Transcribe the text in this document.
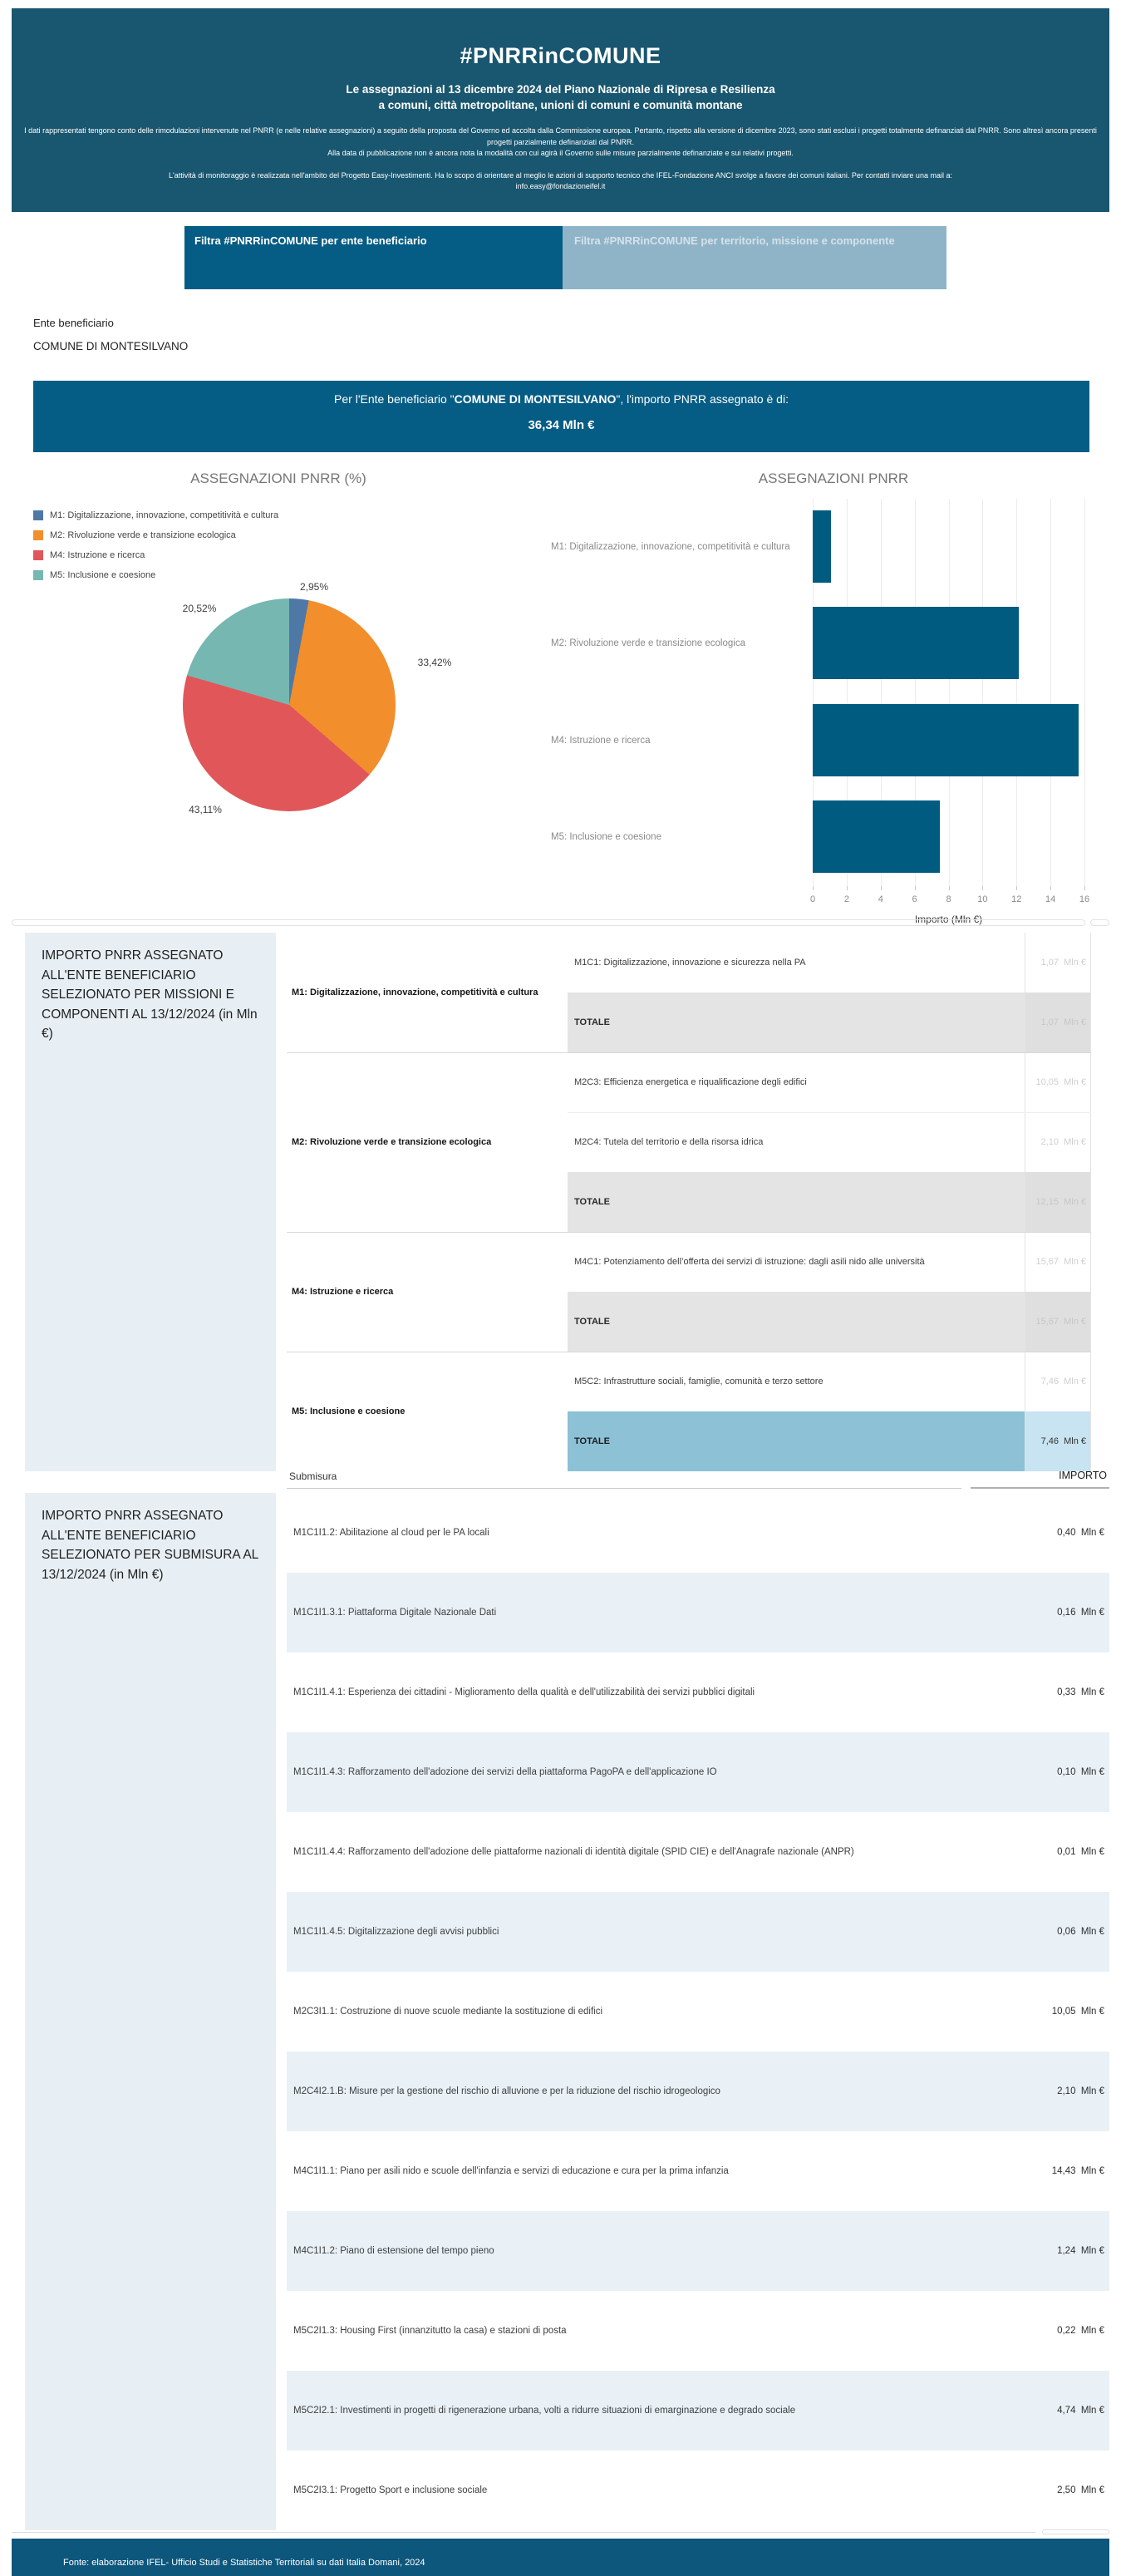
#PNRRinCOMUNE
Le assegnazioni al 13 dicembre 2024 del Piano Nazionale di Ripresa e Resilienza
a comuni, città metropolitane, unioni di comuni e comunità montane
I dati rappresentati tengono conto delle rimodulazioni intervenute nel PNRR (e nelle relative assegnazioni) a seguito della proposta del Governo ed accolta dalla Commissione europea. Pertanto, rispetto alla versione di dicembre 2023, sono stati esclusi i progetti totalmente definanziati dal PNRR. Sono altresì ancora presenti progetti parzialmente definanziati dal PNRR.
Alla data di pubblicazione non è ancora nota la modalità con cui agirà il Governo sulle misure parzialmente definanziate e sui relativi progetti.
L'attività di monitoraggio è realizzata nell'ambito del Progetto Easy-Investimenti. Ha lo scopo di orientare al meglio le azioni di supporto tecnico che IFEL-Fondazione ANCI svolge a favore dei comuni italiani. Per contatti inviare una mail a:
info.easy@fondazioneifel.it
Filtra #PNRRinCOMUNE per ente beneficiario	Filtra #PNRRinCOMUNE per territorio, missione e componente
Ente beneficiario
COMUNE DI MONTESILVANO
Per l'Ente beneficiario "COMUNE DI MONTESILVANO", l'importo PNRR assegnato è di:
36,34 Mln €
ASSEGNAZIONI PNRR (%)
M1: Digitalizzazione, innovazione, competitività e cultura
M2: Rivoluzione verde e transizione ecologica
M4: Istruzione e ricerca
M5: Inclusione e coesione
2,95%
33,42%
43,11%
20,52%
ASSEGNAZIONI PNRR
M1: Digitalizzazione, innovazione, competitività e cultura
M2: Rivoluzione verde e transizione ecologica
M4: Istruzione e ricerca
M5: Inclusione e coesione
0	2	4	6	8	10	12	14	16
Importo (Mln €)
IMPORTO PNRR ASSEGNATO ALL'ENTE BENEFICIARIO SELEZIONATO PER MISSIONI E COMPONENTI AL 13/12/2024 (in Mln €)
M1: Digitalizzazione, innovazione, competitività e cultura
M2: Rivoluzione verde e transizione ecologica
M4: Istruzione e ricerca
M5: Inclusione e coesione
M1C1: Digitalizzazione, innovazione e sicurezza nella PA	1,07  Mln €
TOTALE	1,07  Mln €
M2C3: Efficienza energetica e riqualificazione degli edifici	10,05  Mln €
M2C4: Tutela del territorio e della risorsa idrica	2,10  Mln €
TOTALE	12,15  Mln €
M4C1: Potenziamento dell’offerta dei servizi di istruzione: dagli asili nido alle università	15,67  Mln €
TOTALE	15,67  Mln €
M5C2: Infrastrutture sociali, famiglie, comunità e terzo settore	7,46  Mln €
TOTALE	7,46  Mln €
Submisura	IMPORTO
IMPORTO PNRR ASSEGNATO ALL'ENTE BENEFICIARIO SELEZIONATO PER SUBMISURA AL 13/12/2024 (in Mln €)
M1C1I1.2: Abilitazione al cloud per le PA locali	0,40  Mln €
M1C1I1.3.1: Piattaforma Digitale Nazionale Dati	0,16  Mln €
M1C1I1.4.1: Esperienza dei cittadini - Miglioramento della qualità e dell'utilizzabilità dei servizi pubblici digitali	0,33  Mln €
M1C1I1.4.3: Rafforzamento dell'adozione dei servizi della piattaforma PagoPA e dell'applicazione IO	0,10  Mln €
M1C1I1.4.4: Rafforzamento dell'adozione delle piattaforme nazionali di identità digitale (SPID CIE) e dell'Anagrafe nazionale (ANPR)	0,01  Mln €
M1C1I1.4.5: Digitalizzazione degli avvisi pubblici	0,06  Mln €
M2C3I1.1: Costruzione di nuove scuole mediante la sostituzione di edifici	10,05  Mln €
M2C4I2.1.B: Misure per la gestione del rischio di alluvione e per la riduzione del rischio idrogeologico	2,10  Mln €
M4C1I1.1: Piano per asili nido e scuole dell'infanzia e servizi di educazione e cura per la prima infanzia	14,43  Mln €
M4C1I1.2: Piano di estensione del tempo pieno	1,24  Mln €
M5C2I1.3: Housing First (innanzitutto la casa) e stazioni di posta	0,22  Mln €
M5C2I2.1: Investimenti in progetti di rigenerazione urbana, volti a ridurre situazioni di emarginazione e degrado sociale	4,74  Mln €
M5C2I3.1: Progetto Sport e inclusione sociale	2,50  Mln €
Fonte: elaborazione IFEL- Ufficio Studi e Statistiche Territoriali su dati Italia Domani, 2024
